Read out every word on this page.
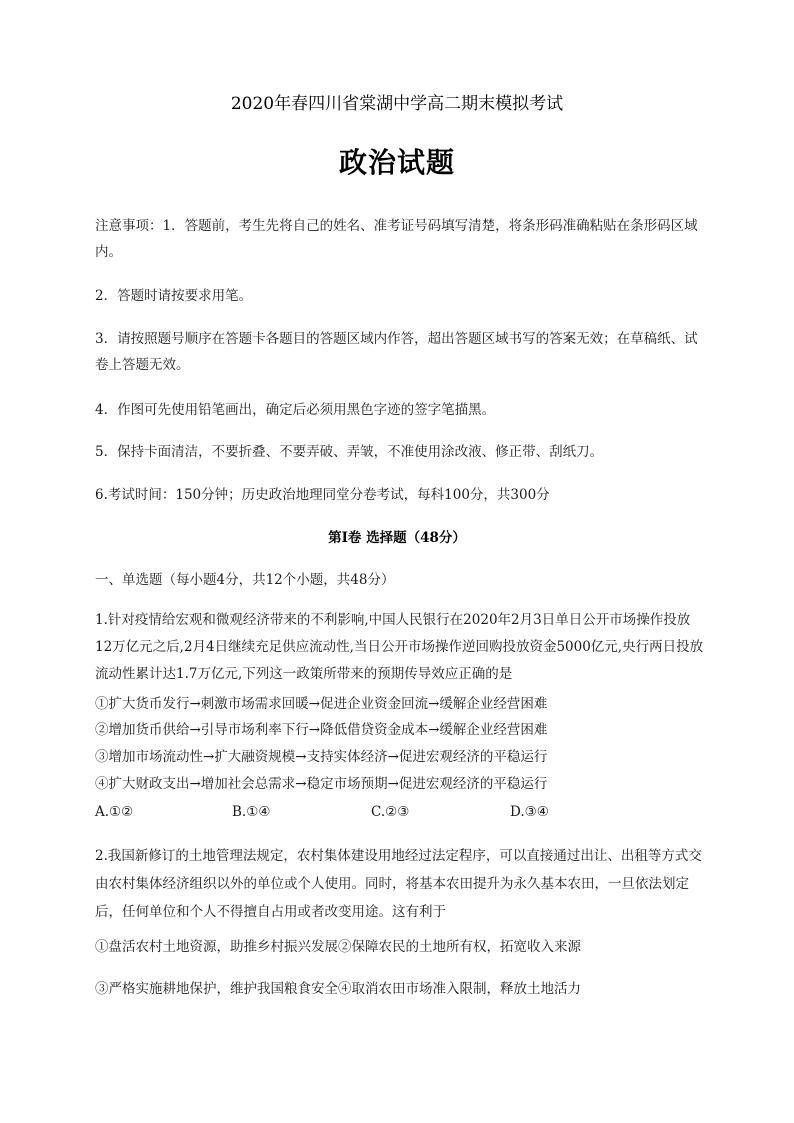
2020年春四川省棠湖中学高二期末模拟考试
政治试题
注意事项：1．答题前，考生先将自己的姓名、准考证号码填写清楚，将条形码准确粘贴在条形码区域内。
2．答题时请按要求用笔。
3．请按照题号顺序在答题卡各题目的答题区域内作答，超出答题区域书写的答案无效；在草稿纸、试卷上答题无效。
4．作图可先使用铅笔画出，确定后必须用黑色字迹的签字笔描黑。
5．保持卡面清洁，不要折叠、不要弄破、弄皱，不准使用涂改液、修正带、刮纸刀。
6.考试时间：150分钟；历史政治地理同堂分卷考试，每科100分，共300分
第I卷 选择题（48分）
一、单选题（每小题4分，共12个小题，共48分）
1.针对疫情给宏观和微观经济带来的不利影响,中国人民银行在2020年2月3日单日公开市场操作投放12万亿元之后,2月4日继续充足供应流动性,当日公开市场操作逆回购投放资金5000亿元,央行两日投放流动性累计达1.7万亿元,下列这一政策所带来的预期传导效应正确的是
①扩大货币发行→刺激市场需求回暖→促进企业资金回流→缓解企业经营困难
②增加货币供给→引导市场利率下行→降低借贷资金成本→缓解企业经营困难
③增加市场流动性→扩大融资规模→支持实体经济→促进宏观经济的平稳运行
④扩大财政支出→增加社会总需求→稳定市场预期→促进宏观经济的平稳运行
A.①②	B.①④	C.②③	D.③④
2.我国新修订的土地管理法规定，农村集体建设用地经过法定程序，可以直接通过出让、出租等方式交由农村集体经济组织以外的单位或个人使用。同时，将基本农田提升为永久基本农田，一旦依法划定后，任何单位和个人不得擅自占用或者改变用途。这有利于
①盘活农村土地资源，助推乡村振兴发展②保障农民的土地所有权，拓宽收入来源
③严格实施耕地保护，维护我国粮食安全④取消农田市场准入限制，释放土地活力
